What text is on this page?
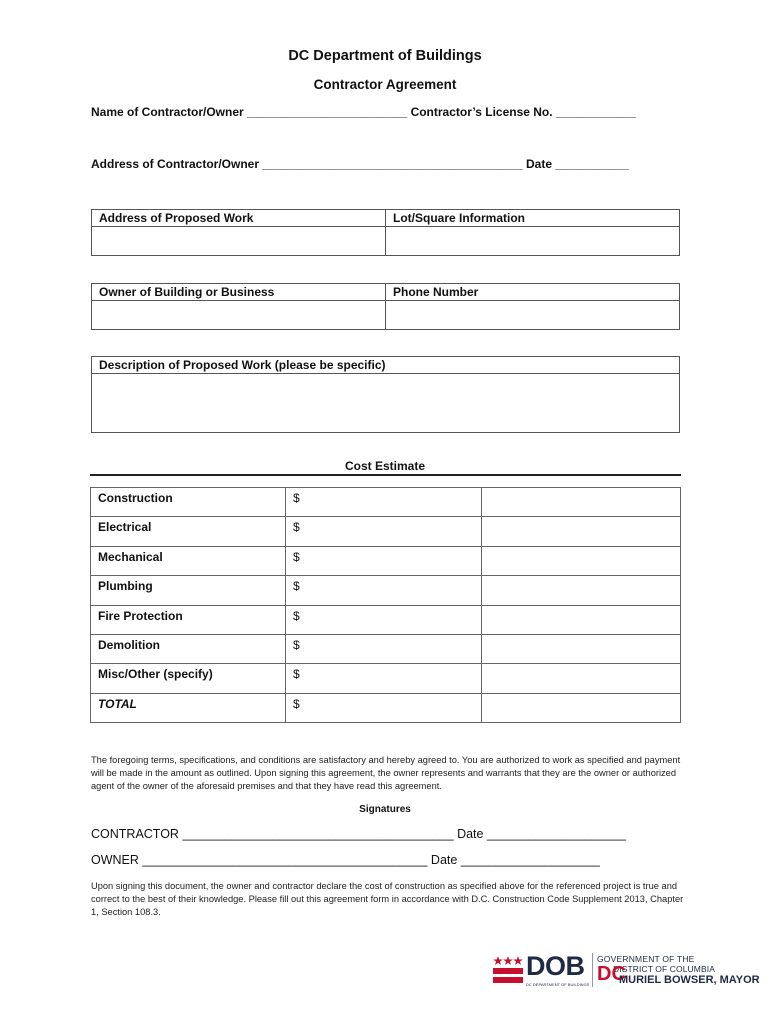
DC Department of Buildings
Contractor Agreement
Name of Contractor/Owner ________________________ Contractor’s License No. ____________
Address of Contractor/Owner _______________________________________ Date ___________
Address of Proposed Work	Lot/Square Information
Owner of Building or Business	Phone Number
Description of Proposed Work (please be specific)
Cost Estimate
Construction	$	
Electrical	$	
Mechanical	$	
Plumbing	$	
Fire Protection	$	
Demolition	$	
Misc/Other (specify)	$	
TOTAL	$	
The foregoing terms, specifications, and conditions are satisfactory and hereby agreed to. You are authorized to work as specified and payment will be made in the amount as outlined. Upon signing this agreement, the owner represents and warrants that they are the owner or authorized agent of the owner of the aforesaid premises and that they have read this agreement.
Signatures
CONTRACTOR _______________________________________ Date ____________________
OWNER _________________________________________ Date ____________________
Upon signing this document, the owner and contractor declare the cost of construction as specified above for the referenced project is true and correct to the best of their knowledge. Please fill out this agreement form in accordance with D.C. Construction Code Supplement 2013, Chapter 1, Section 108.3.
DOB
DC DEPARTMENT OF BUILDINGS
GOVERNMENT OF THE
DISTRICT OF COLUMBIA
DC
MURIEL BOWSER, MAYOR
